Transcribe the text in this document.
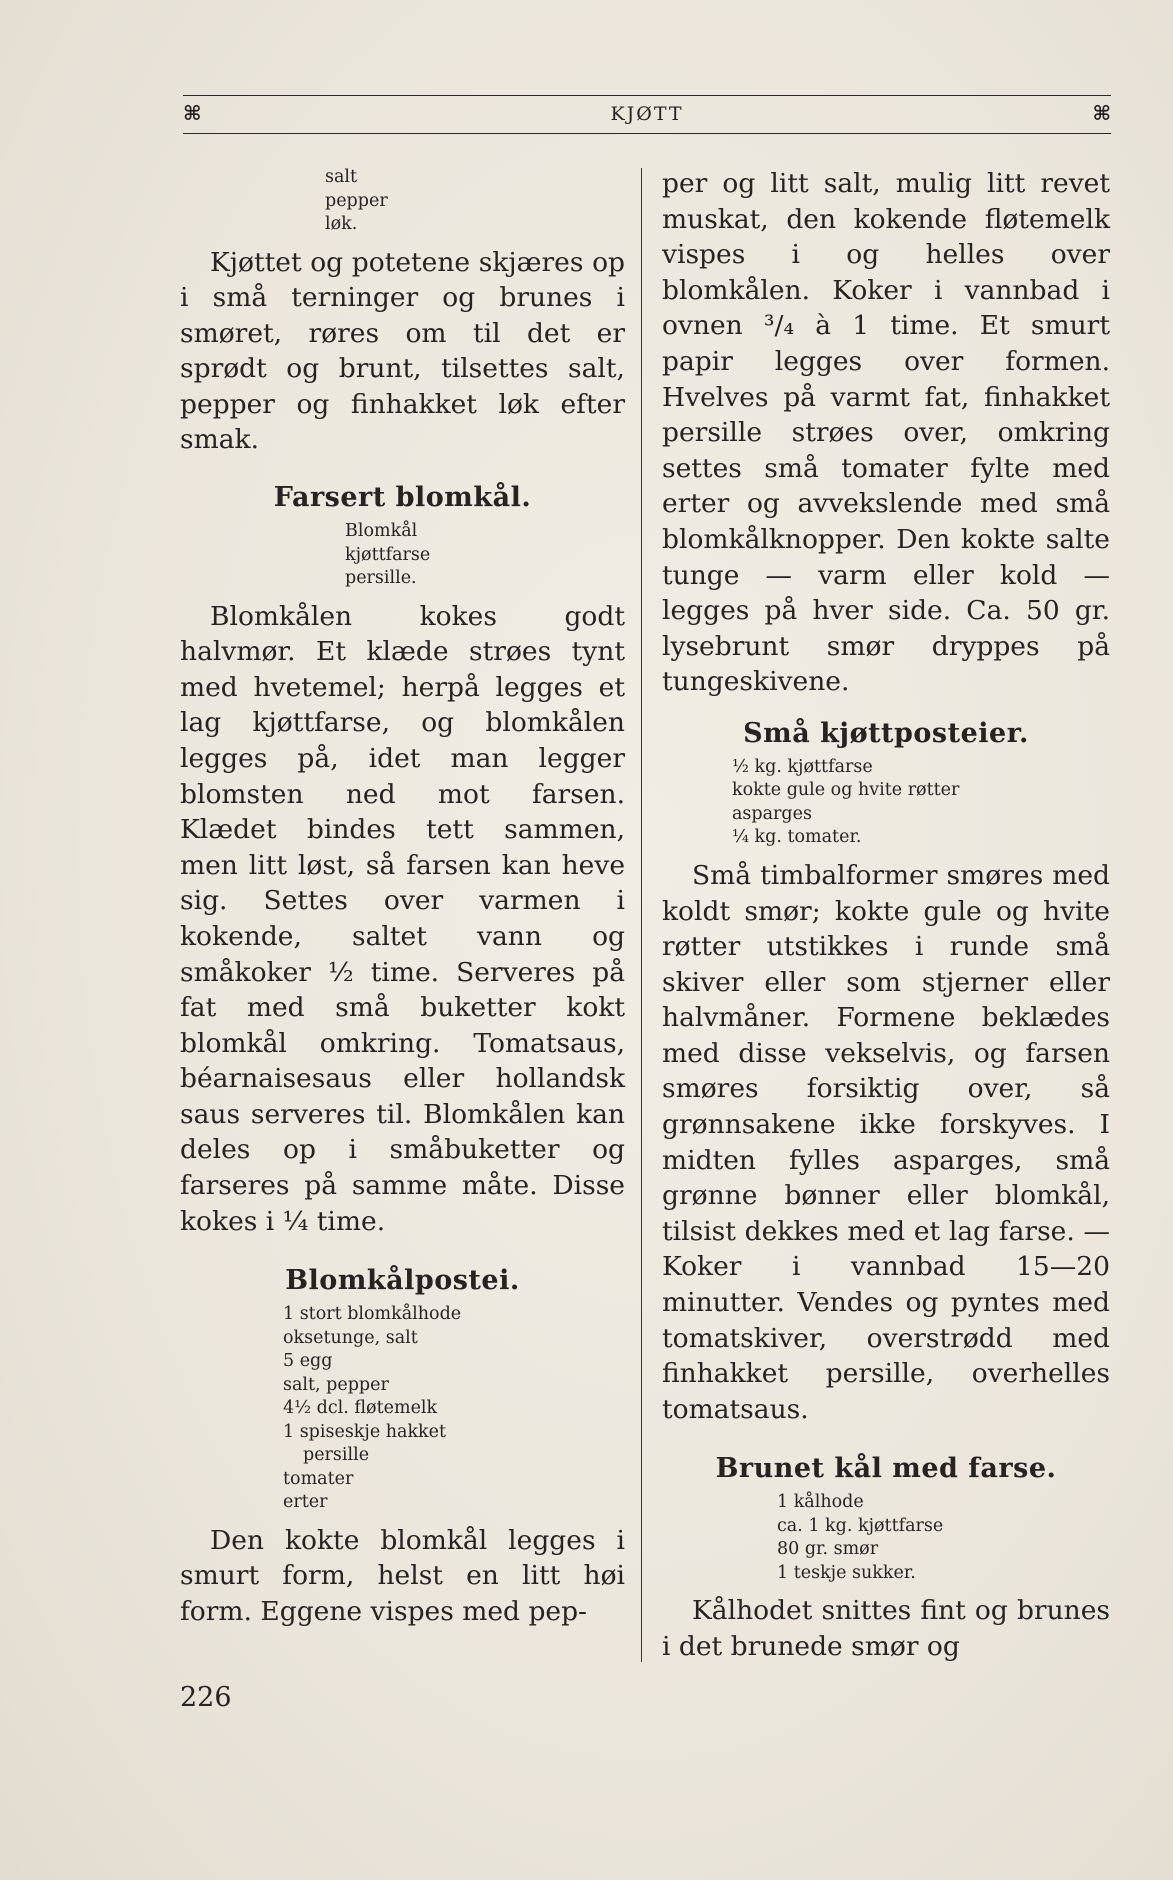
⌘	KJØTT	⌘
salt
pepper
løk.

Kjøttet og potetene skjæres op i små terninger og brunes i smøret, røres om til det er sprødt og brunt, tilsettes salt, pepper og finhakket løk efter smak.

Farsert blomkål.
Blomkål
kjøttfarse
persille.

Blomkålen kokes godt halvmør. Et klæde strøes tynt med hvetemel; herpå legges et lag kjøttfarse, og blomkålen legges på, idet man legger blomsten ned mot farsen. Klædet bindes tett sammen, men litt løst, så farsen kan heve sig. Settes over varmen i kokende, saltet vann og småkoker ½ time. Serveres på fat med små buketter kokt blomkål omkring. Tomatsaus, béarnaisesaus eller hollandsk saus serveres til. Blomkålen kan deles op i småbuketter og farseres på samme måte. Disse kokes i ¼ time.

Blomkålpostei.
1 stort blomkålhode
oksetunge, salt
5 egg
salt, pepper
4½ dcl. fløtemelk
1 spiseskje hakket
persille
tomater
erter

Den kokte blomkål legges i smurt form, helst en litt høi form. Eggene vispes med pep-

per og litt salt, mulig litt revet muskat, den kokende fløtemelk vispes i og helles over blomkålen. Koker i vannbad i ovnen ³/₄ à 1 time. Et smurt papir legges over formen. Hvelves på varmt fat, finhakket persille strøes over, omkring settes små tomater fylte med erter og avvekslende med små blomkålknopper. Den kokte salte tunge — varm eller kold — legges på hver side. Ca. 50 gr. lysebrunt smør dryppes på tungeskivene.

Små kjøttposteier.
½ kg. kjøttfarse
kokte gule og hvite røtter
asparges
¼ kg. tomater.

Små timbalformer smøres med koldt smør; kokte gule og hvite røtter utstikkes i runde små skiver eller som stjerner eller halvmåner. Formene beklædes med disse vekselvis, og farsen smøres forsiktig over, så grønnsakene ikke forskyves. I midten fylles asparges, små grønne bønner eller blomkål, tilsist dekkes med et lag farse. — Koker i vannbad 15—20 minutter. Vendes og pyntes med tomatskiver, overstrødd med finhakket persille, overhelles tomatsaus.

Brunet kål med farse.
1 kålhode
ca. 1 kg. kjøttfarse
80 gr. smør
1 teskje sukker.

Kålhodet snittes fint og brunes i det brunede smør og

226
